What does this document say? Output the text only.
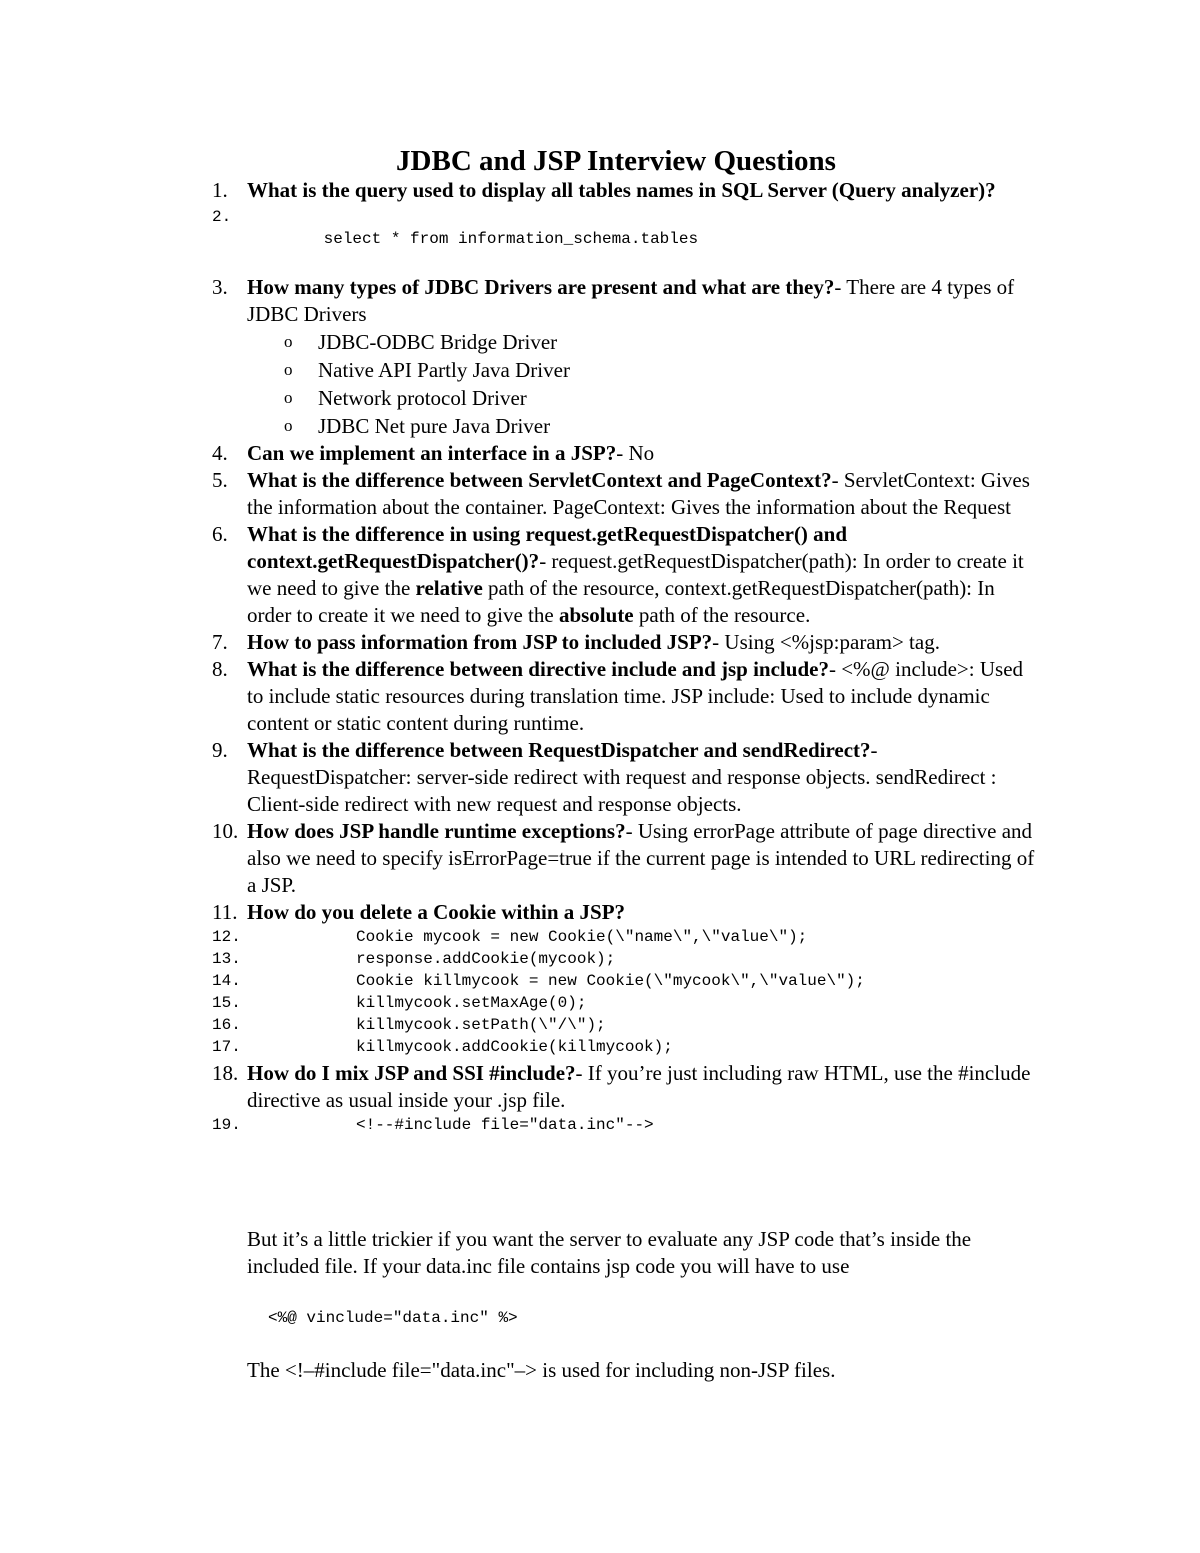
JDBC and JSP Interview Questions
1. What is the query used to display all tables names in SQL Server (Query analyzer)?

2.
select * from information_schema.tables

3. How many types of JDBC Drivers are present and what are they?- There are 4 types of JDBC Drivers
o JDBC-ODBC Bridge Driver
o Native API Partly Java Driver
o Network protocol Driver
o JDBC Net pure Java Driver
4. Can we implement an interface in a JSP?- No
5. What is the difference between ServletContext and PageContext?- ServletContext: Gives the information about the container. PageContext: Gives the information about the Request
6. What is the difference in using request.getRequestDispatcher() and context.getRequestDispatcher()?- request.getRequestDispatcher(path): In order to create it we need to give the relative path of the resource, context.getRequestDispatcher(path): In order to create it we need to give the absolute path of the resource.
7. How to pass information from JSP to included JSP?- Using <%jsp:param> tag.
8. What is the difference between directive include and jsp include?- <%@ include>: Used to include static resources during translation time. JSP include: Used to include dynamic content or static content during runtime.
9. What is the difference between RequestDispatcher and sendRedirect?- RequestDispatcher: server-side redirect with request and response objects. sendRedirect : Client-side redirect with new request and response objects.
10. How does JSP handle runtime exceptions?- Using errorPage attribute of page directive and also we need to specify isErrorPage=true if the current page is intended to URL redirecting of a JSP.
11. How do you delete a Cookie within a JSP?
12.	Cookie mycook = new Cookie(\"name\",\"value\");
13.	response.addCookie(mycook);
14.	Cookie killmycook = new Cookie(\"mycook\",\"value\");
15.	killmycook.setMaxAge(0);
16.	killmycook.setPath(\"/\");
17.	killmycook.addCookie(killmycook);
18. How do I mix JSP and SSI #include?- If you’re just including raw HTML, use the #include directive as usual inside your .jsp file.
19.	<!--#include file="data.inc"-->
But it’s a little trickier if you want the server to evaluate any JSP code that’s inside the included file. If your data.inc file contains jsp code you will have to use
<%@ vinclude="data.inc" %>
The <!–#include file="data.inc"–> is used for including non-JSP files.
